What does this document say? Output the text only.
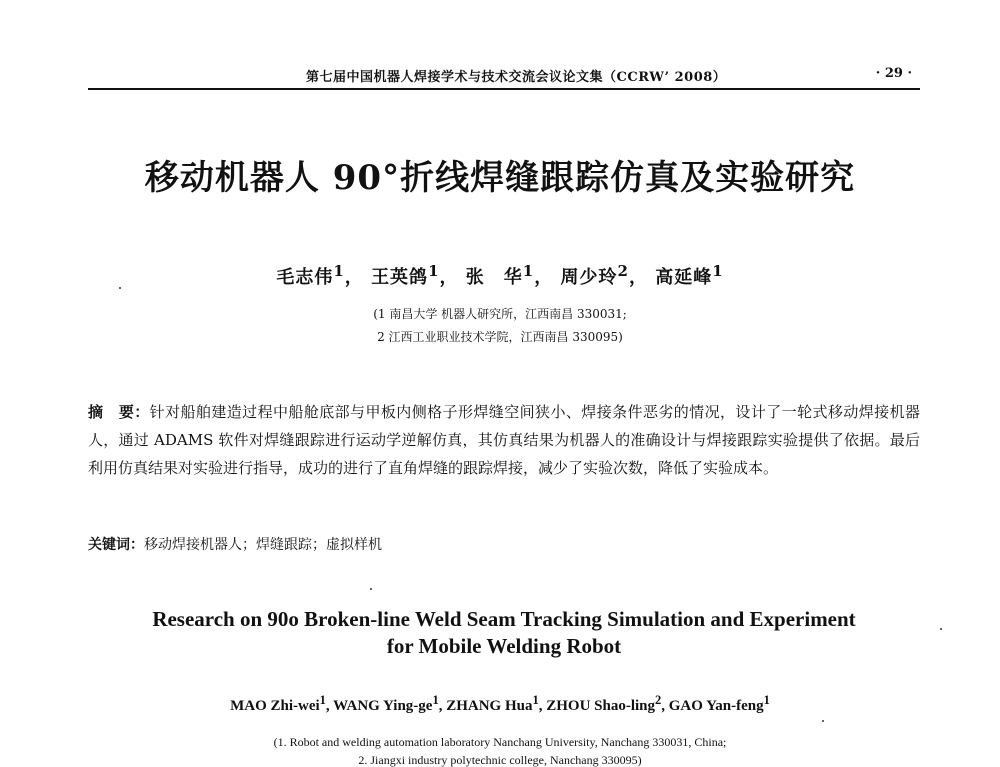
第七届中国机器人焊接学术与技术交流会议论文集（CCRW’ 2008）	· 29 ·
移动机器人 90°折线焊缝跟踪仿真及实验研究
毛志伟$^1$， 王英鸽$^1$， 张　华$^1$， 周少玲$^2$， 高延峰$^1$
(1 南昌大学 机器人研究所，江西南昌 330031;
2 江西工业职业技术学院，江西南昌 330095)
摘　要：针对船舶建造过程中船舱底部与甲板内侧格子形焊缝空间狭小、焊接条件恶劣的情况，设计了一轮式移动焊接机器人，通过 ADAMS 软件对焊缝跟踪进行运动学逆解仿真，其仿真结果为机器人的准确设计与焊接跟踪实验提供了依据。最后利用仿真结果对实验进行指导，成功的进行了直角焊缝的跟踪焊接，减少了实验次数，降低了实验成本。
关键词：移动焊接机器人；焊缝跟踪；虚拟样机
Research on 90o Broken-line Weld Seam Tracking Simulation and Experiment
for Mobile Welding Robot
MAO Zhi-wei$^1$, WANG Ying-$ge^1$, ZHANG Hua$^1$, ZHOU Shao-ling$^2$, GAO Yan-feng$^1$
(1. Robot and welding automation laboratory Nanchang University, Nanchang 330031, China;
2. Jiangxi industry polytechnic college, Nanchang 330095)
